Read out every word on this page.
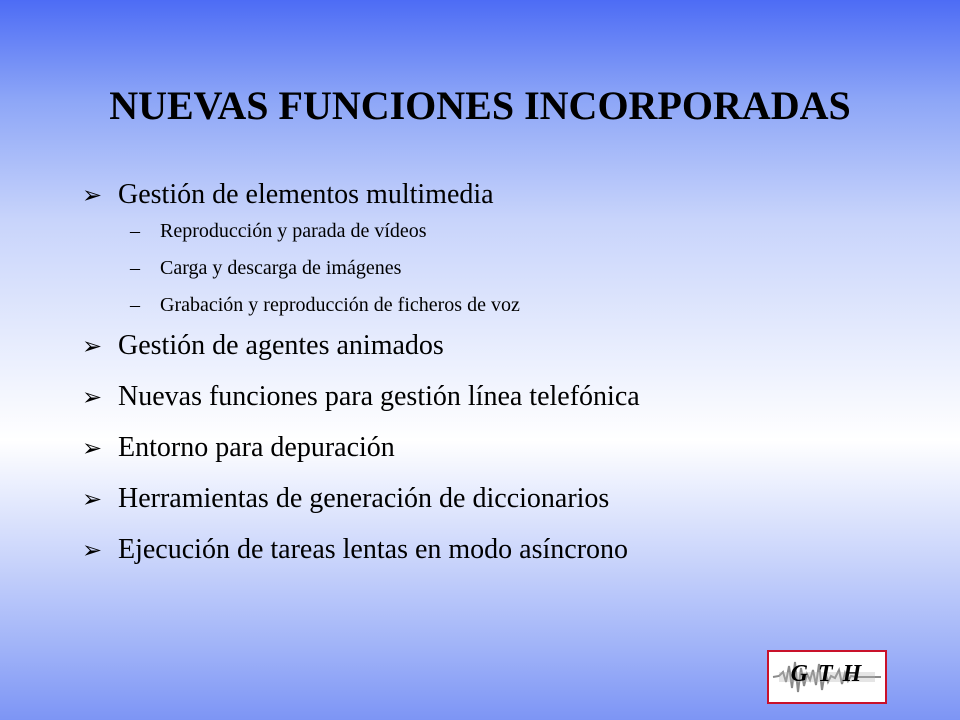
NUEVAS FUNCIONES INCORPORADAS
➢ Gestión de elementos multimedia
– Reproducción y parada de vídeos
– Carga y descarga de imágenes
– Grabación y reproducción de ficheros de voz
➢ Gestión de agentes animados
➢ Nuevas funciones para gestión línea telefónica
➢ Entorno para depuración
➢ Herramientas de generación de diccionarios
➢ Ejecución de tareas lentas en modo asíncrono
G T H
